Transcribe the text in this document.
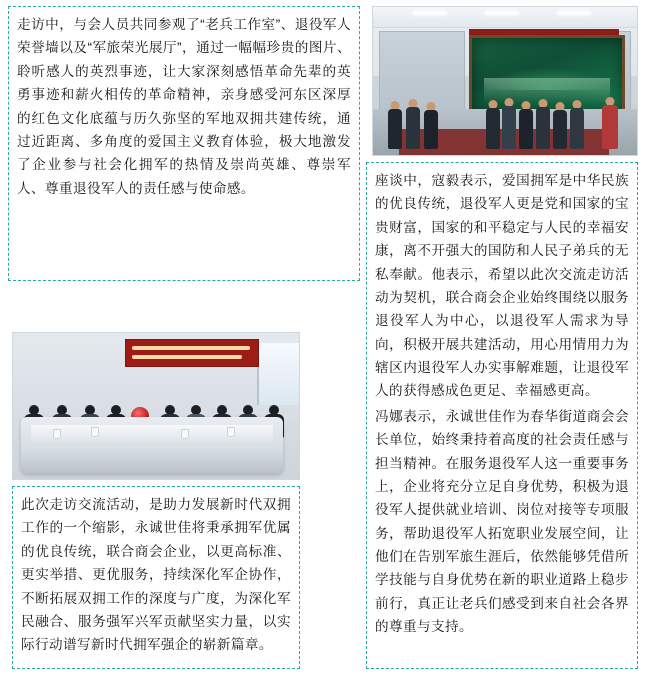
走访中，与会人员共同参观了“老兵工作室”、退役军人荣誉墙以及“军旅荣光展厅”，通过一幅幅珍贵的图片、聆听感人的英烈事迹，让大家深刻感悟革命先辈的英勇事迹和薪火相传的革命精神，亲身感受河东区深厚的红色文化底蕴与历久弥坚的军地双拥共建传统，通过近距离、多角度的爱国主义教育体验，极大地激发了企业参与社会化拥军的热情及崇尚英雄、尊崇军人、尊重退役军人的责任感与使命感。

座谈中，寇毅表示，爱国拥军是中华民族的优良传统，退役军人更是党和国家的宝贵财富，国家的和平稳定与人民的幸福安康，离不开强大的国防和人民子弟兵的无私奉献。他表示，希望以此次交流走访活动为契机，联合商会企业始终围绕以服务退役军人为中心，以退役军人需求为导向，积极开展共建活动，用心用情用力为辖区内退役军人办实事解难题，让退役军人的获得感成色更足、幸福感更高。

冯娜表示，永诚世佳作为春华街道商会会长单位，始终秉持着高度的社会责任感与担当精神。在服务退役军人这一重要事务上，企业将充分立足自身优势，积极为退役军人提供就业培训、岗位对接等专项服务，帮助退役军人拓宽职业发展空间，让他们在告别军旅生涯后，依然能够凭借所学技能与自身优势在新的职业道路上稳步前行，真正让老兵们感受到来自社会各界的尊重与支持。

此次走访交流活动，是助力发展新时代双拥工作的一个缩影，永诚世佳将秉承拥军优属的优良传统，联合商会企业，以更高标准、更实举措、更优服务，持续深化军企协作，不断拓展双拥工作的深度与广度，为深化军民融合、服务强军兴军贡献坚实力量，以实际行动谱写新时代拥军强企的崭新篇章。
